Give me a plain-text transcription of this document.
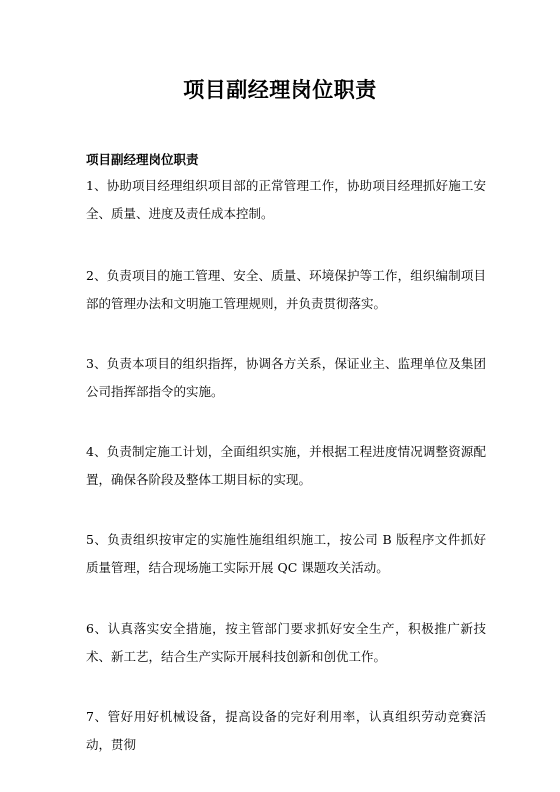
项目副经理岗位职责
项目副经理岗位职责
1、协助项目经理组织项目部的正常管理工作，协助项目经理抓好施工安全、质量、进度及责任成本控制。
2、负责项目的施工管理、安全、质量、环境保护等工作，组织编制项目部的管理办法和文明施工管理规则，并负责贯彻落实。
3、负责本项目的组织指挥，协调各方关系，保证业主、监理单位及集团公司指挥部指令的实施。
4、负责制定施工计划，全面组织实施，并根据工程进度情况调整资源配置，确保各阶段及整体工期目标的实现。
5、负责组织按审定的实施性施组组织施工，按公司 B 版程序文件抓好质量管理，结合现场施工实际开展 QC 课题攻关活动。
6、认真落实安全措施，按主管部门要求抓好安全生产，积极推广新技术、新工艺，结合生产实际开展科技创新和创优工作。
7、管好用好机械设备，提高设备的完好利用率，认真组织劳动竞赛活动，贯彻
